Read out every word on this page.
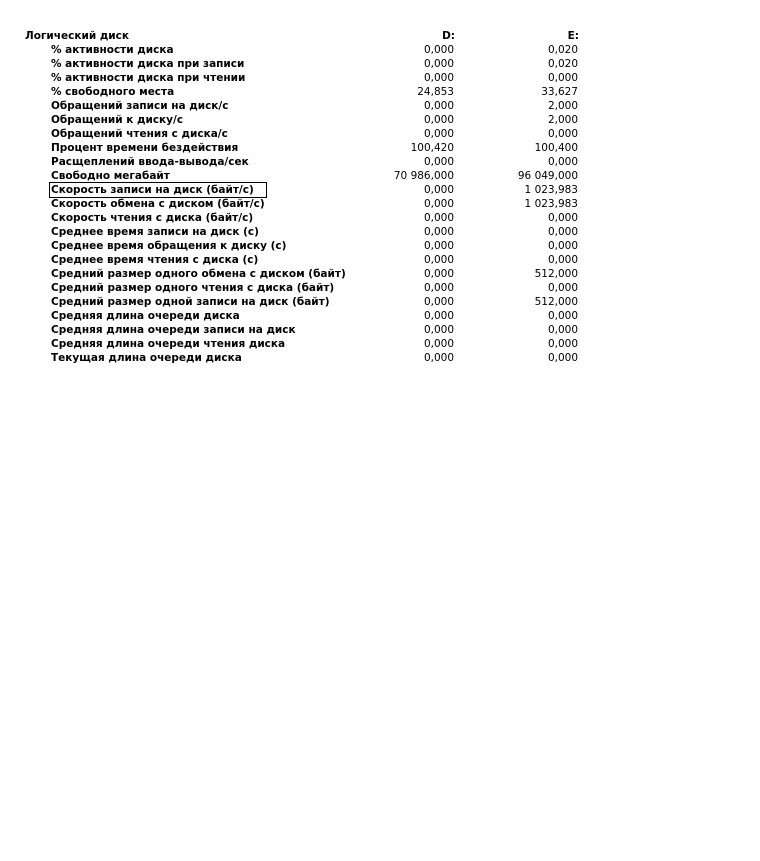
Логический диск	D:	E:
% активности диска	0,000	0,020
% активности диска при записи	0,000	0,020
% активности диска при чтении	0,000	0,000
% свободного места	24,853	33,627
Обращений записи на диск/с	0,000	2,000
Обращений к диску/с	0,000	2,000
Обращений чтения с диска/с	0,000	0,000
Процент времени бездействия	100,420	100,400
Расщеплений ввода-вывода/сек	0,000	0,000
Свободно мегабайт	70 986,000	96 049,000
Скорость записи на диск (байт/с)	0,000	1 023,983
Скорость обмена с диском (байт/с)	0,000	1 023,983
Скорость чтения с диска (байт/с)	0,000	0,000
Среднее время записи на диск (с)	0,000	0,000
Среднее время обращения к диску (с)	0,000	0,000
Среднее время чтения с диска (с)	0,000	0,000
Средний размер одного обмена с диском (байт)	0,000	512,000
Средний размер одного чтения с диска (байт)	0,000	0,000
Средний размер одной записи на диск (байт)	0,000	512,000
Средняя длина очереди диска	0,000	0,000
Средняя длина очереди записи на диск	0,000	0,000
Средняя длина очереди чтения диска	0,000	0,000
Текущая длина очереди диска	0,000	0,000
